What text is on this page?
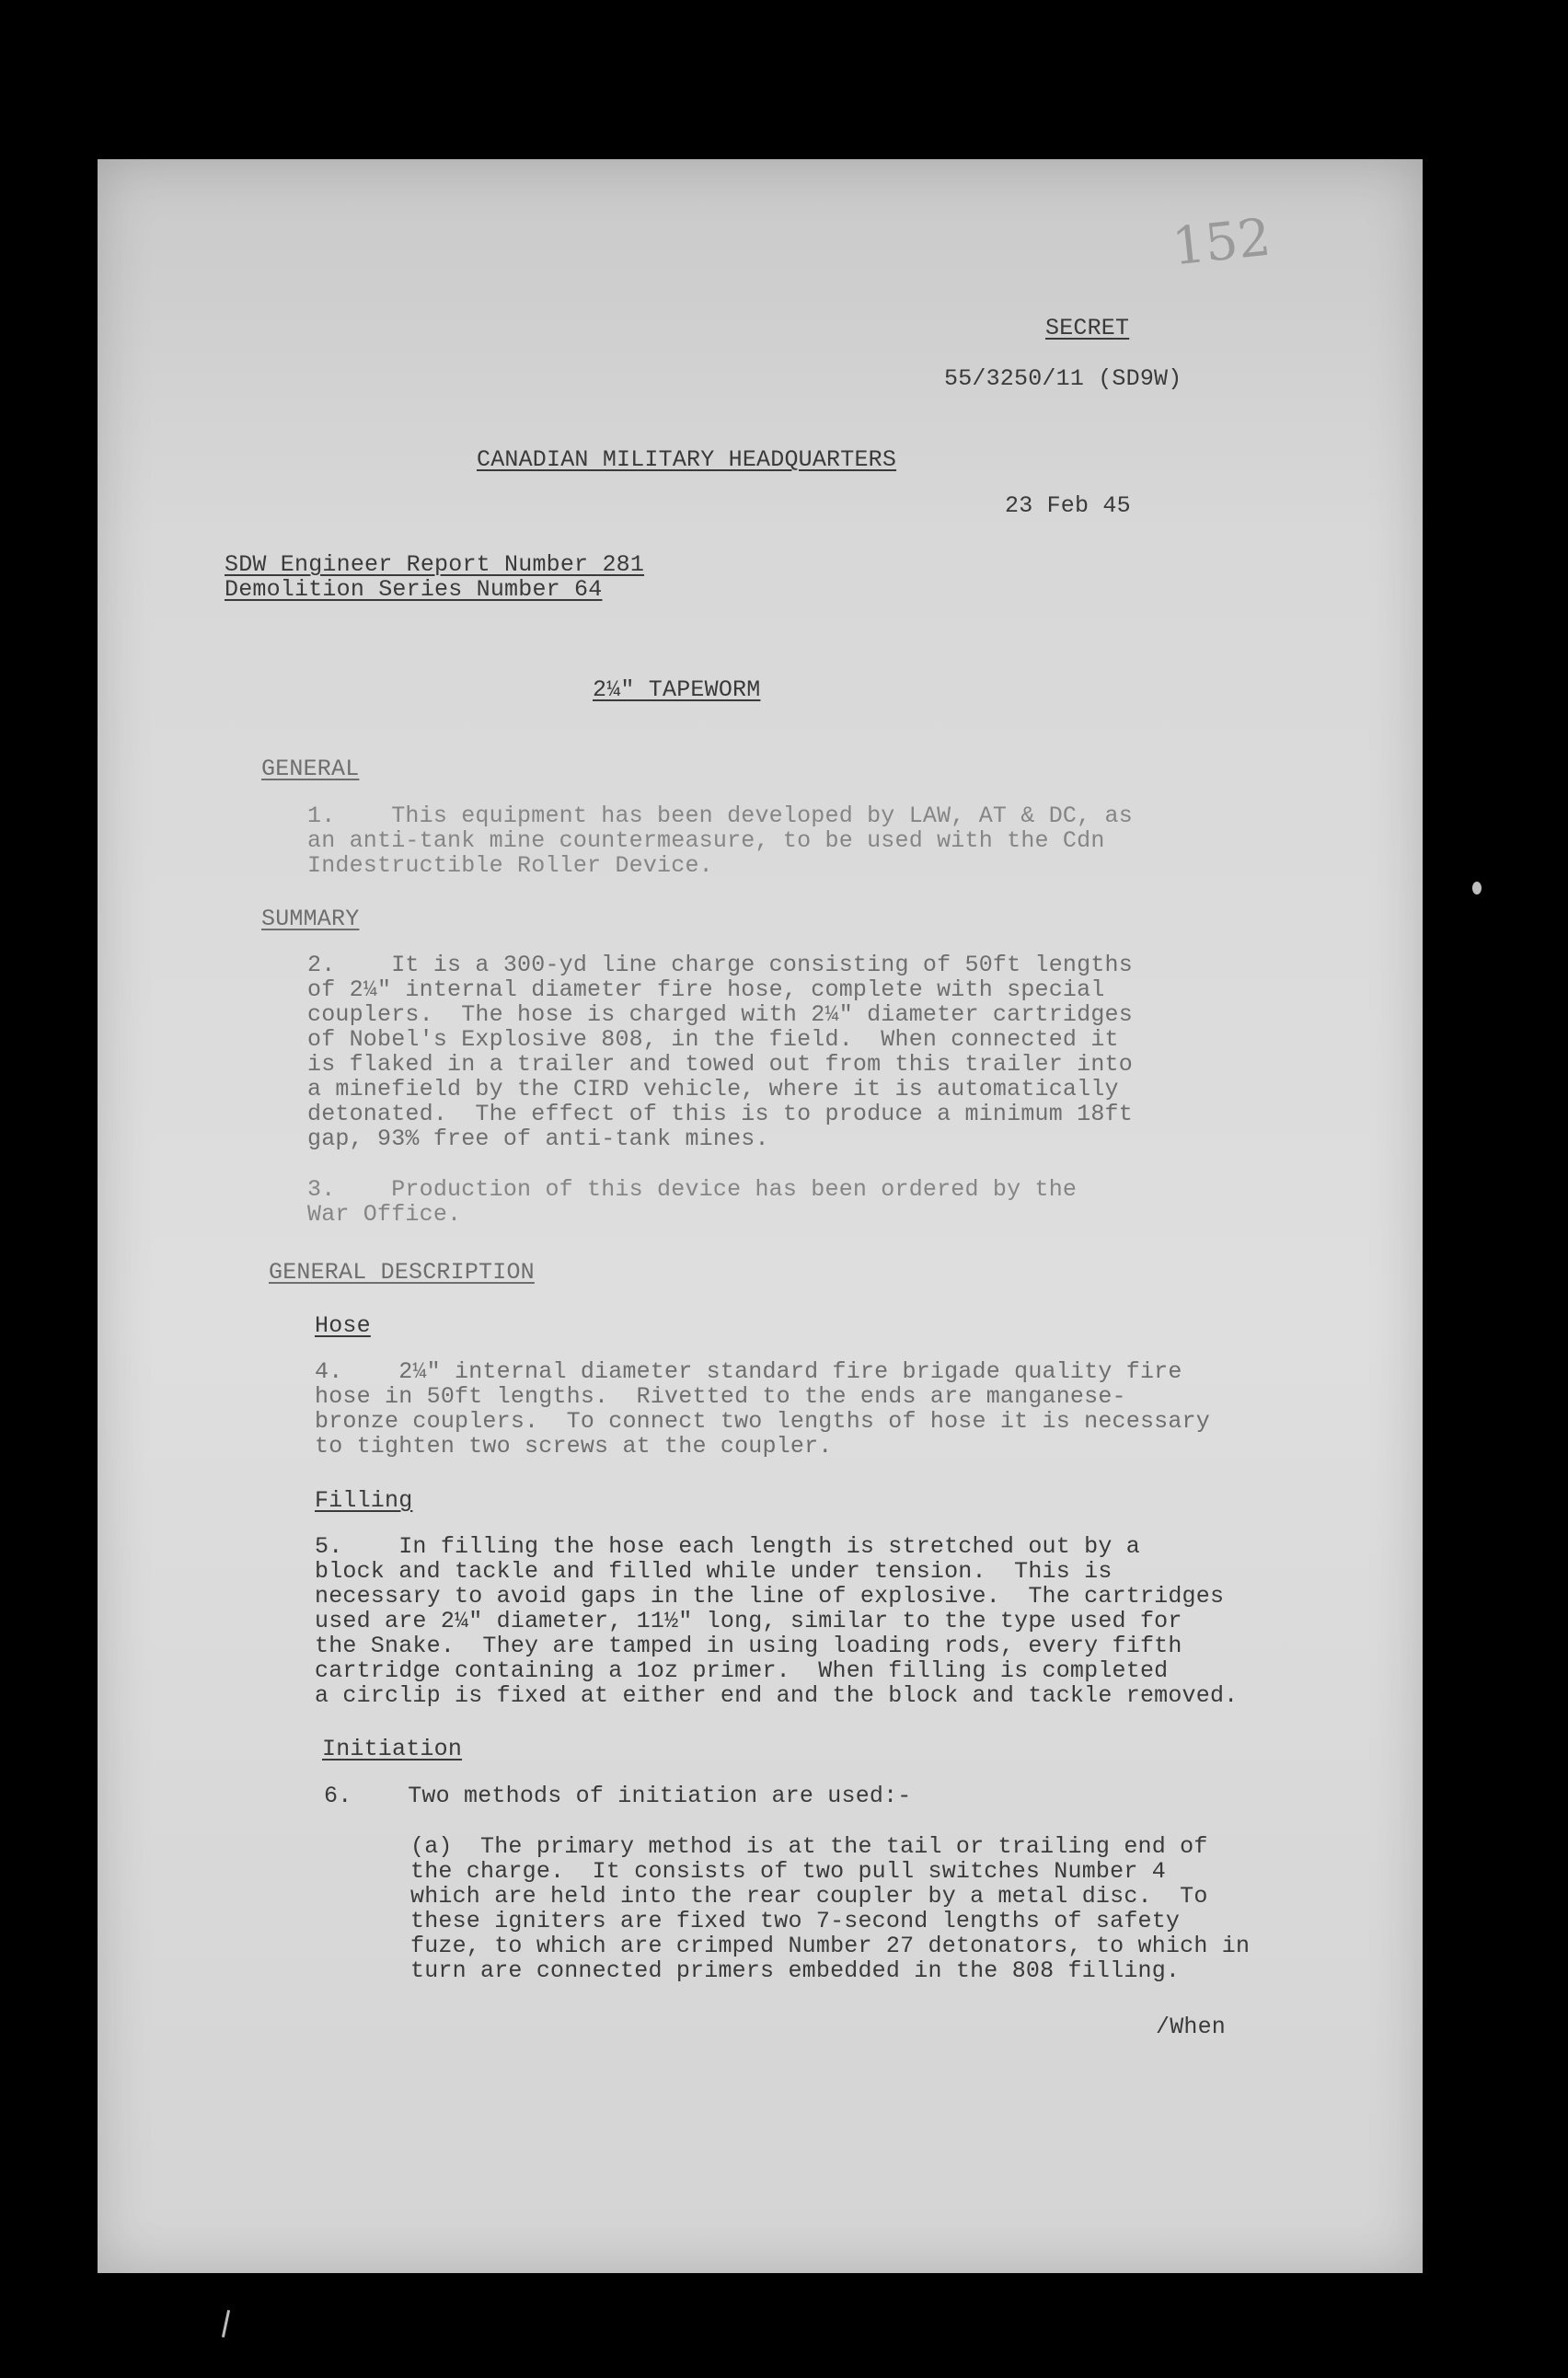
152
SECRET
55/3250/11 (SD9W)
CANADIAN MILITARY HEADQUARTERS
23 Feb 45
SDW Engineer Report Number 281
Demolition Series Number 64
2¼" TAPEWORM
GENERAL
1.    This equipment has been developed by LAW, AT & DC, as
an anti-tank mine countermeasure, to be used with the Cdn
Indestructible Roller Device.
SUMMARY
2.    It is a 300-yd line charge consisting of 50ft lengths
of 2¼" internal diameter fire hose, complete with special
couplers.  The hose is charged with 2¼" diameter cartridges
of Nobel's Explosive 808, in the field.  When connected it
is flaked in a trailer and towed out from this trailer into
a minefield by the CIRD vehicle, where it is automatically
detonated.  The effect of this is to produce a minimum 18ft
gap, 93% free of anti-tank mines.
3.    Production of this device has been ordered by the
War Office.
GENERAL DESCRIPTION
Hose
4.    2¼" internal diameter standard fire brigade quality fire
hose in 50ft lengths.  Rivetted to the ends are manganese-
bronze couplers.  To connect two lengths of hose it is necessary
to tighten two screws at the coupler.
Filling
5.    In filling the hose each length is stretched out by a
block and tackle and filled while under tension.  This is
necessary to avoid gaps in the line of explosive.  The cartridges
used are 2¼" diameter, 11½" long, similar to the type used for
the Snake.  They are tamped in using loading rods, every fifth
cartridge containing a 1oz primer.  When filling is completed
a circlip is fixed at either end and the block and tackle removed.
Initiation
6.    Two methods of initiation are used:-
(a)  The primary method is at the tail or trailing end of
the charge.  It consists of two pull switches Number 4
which are held into the rear coupler by a metal disc.  To
these igniters are fixed two 7-second lengths of safety
fuze, to which are crimped Number 27 detonators, to which in
turn are connected primers embedded in the 808 filling.
/When
